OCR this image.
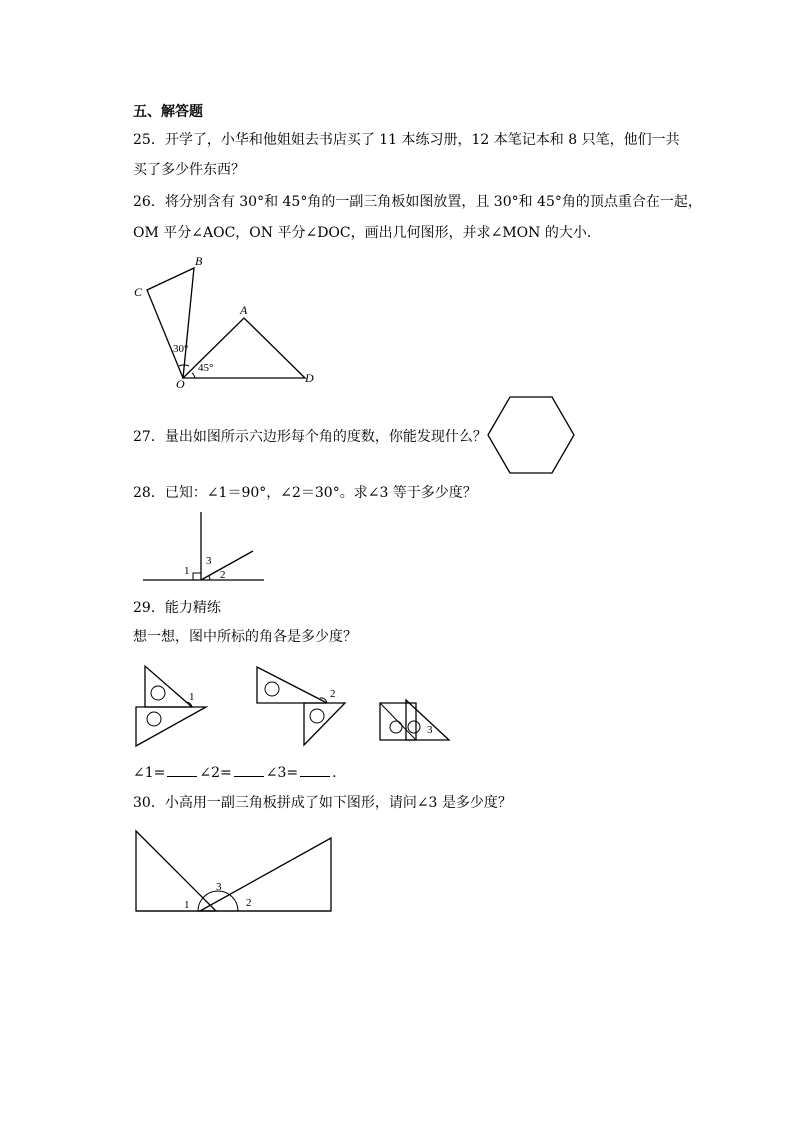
五、解答题
25．开学了，小华和他姐姐去书店买了 11 本练习册，12 本笔记本和 8 只笔，他们一共
买了多少件东西？
26．将分别含有 30°和 45°角的一副三角板如图放置，且 30°和 45°角的顶点重合在一起，
OM 平分∠AOC，ON 平分∠DOC，画出几何图形，并求∠MON 的大小．
B
C
A
D
O
30°
45°
27．量出如图所示六边形每个角的度数，你能发现什么？
28．已知：∠1＝90°，∠2＝30°。求∠3 等于多少度？
1
3
2
29．能力精练
想一想，图中所标的角各是多少度？
1	2
3
∠1= ∠2= ∠3= .
30．小高用一副三角板拼成了如下图形，请问∠3 是多少度？
1
3
2
